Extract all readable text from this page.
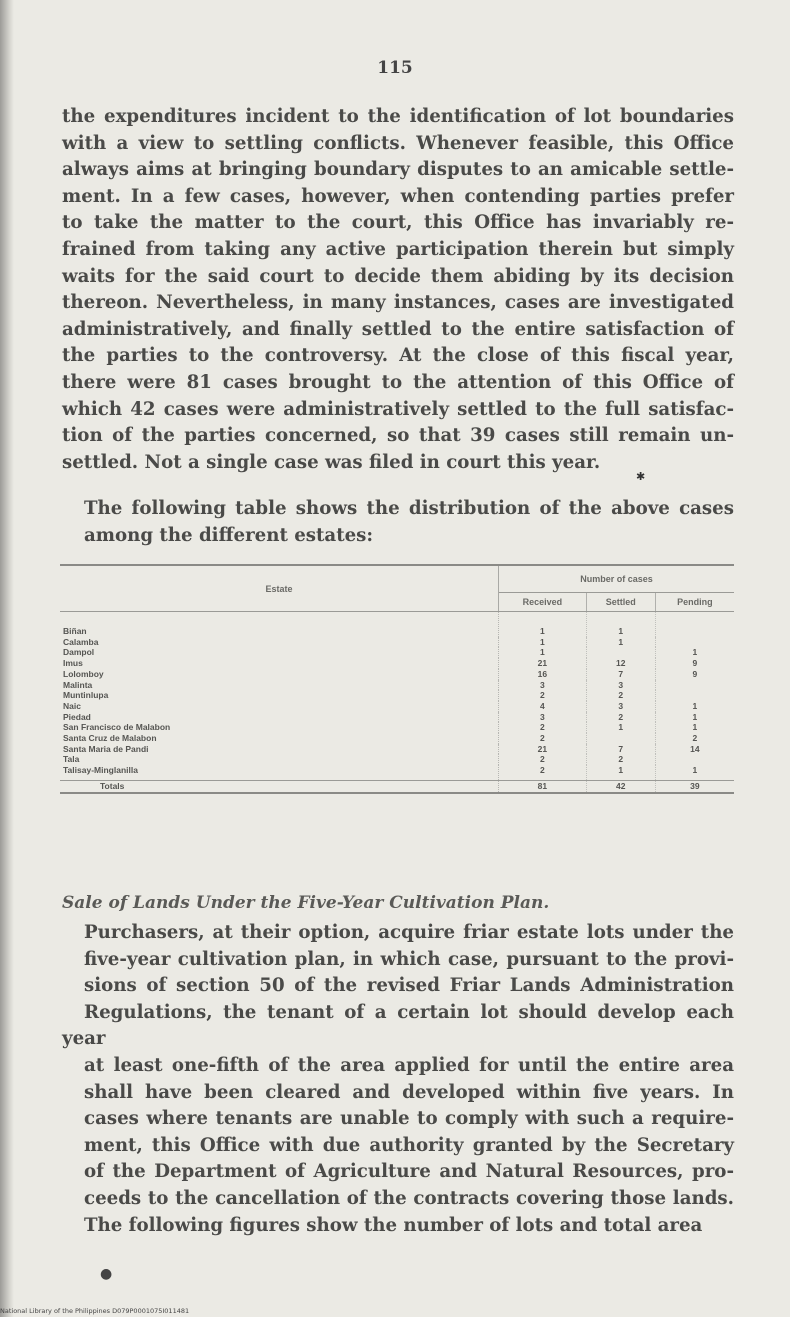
115

the expenditures incident to the identification of lot boundaries
with a view to settling conflicts. Whenever feasible, this Office
always aims at bringing boundary disputes to an amicable settle-
ment. In a few cases, however, when contending parties prefer
to take the matter to the court, this Office has invariably re-
frained from taking any active participation therein but simply
waits for the said court to decide them abiding by its decision
thereon. Nevertheless, in many instances, cases are investigated
administratively, and finally settled to the entire satisfaction of
the parties to the controversy. At the close of this fiscal year,
there were 81 cases brought to the attention of this Office of
which 42 cases were administratively settled to the full satisfac-
tion of the parties concerned, so that 39 cases still remain un-
settled. Not a single case was filed in court this year.

✱

The following table shows the distribution of the above cases
among the different estates:

Estate	Number of cases		
	Received	Settled	Pending
Biñan	1	1	
Calamba	1	1	
Dampol	1		1
Imus	21	12	9
Lolomboy	16	7	9
Malinta	3	3	
Muntinlupa	2	2	
Naic	4	3	1
Piedad	3	2	1
San Francisco de Malabon	2	1	1
Santa Cruz de Malabon	2		2
Santa Maria de Pandi	21	7	14
Tala	2	2	
Talisay-Minglanilla	2	1	1
Totals	81	42	39
Sale of Lands Under the Five-Year Cultivation Plan.

Purchasers, at their option, acquire friar estate lots under the
five-year cultivation plan, in which case, pursuant to the provi-
sions of section 50 of the revised Friar Lands Administration
Regulations, the tenant of a certain lot should develop each year
at least one-fifth of the area applied for until the entire area
shall have been cleared and developed within five years. In
cases where tenants are unable to comply with such a require-
ment, this Office with due authority granted by the Secretary
of the Department of Agriculture and Natural Resources, pro-
ceeds to the cancellation of the contracts covering those lands.
The following figures show the number of lots and total area

●
National Library of the Philippines D079P0001075I011481
